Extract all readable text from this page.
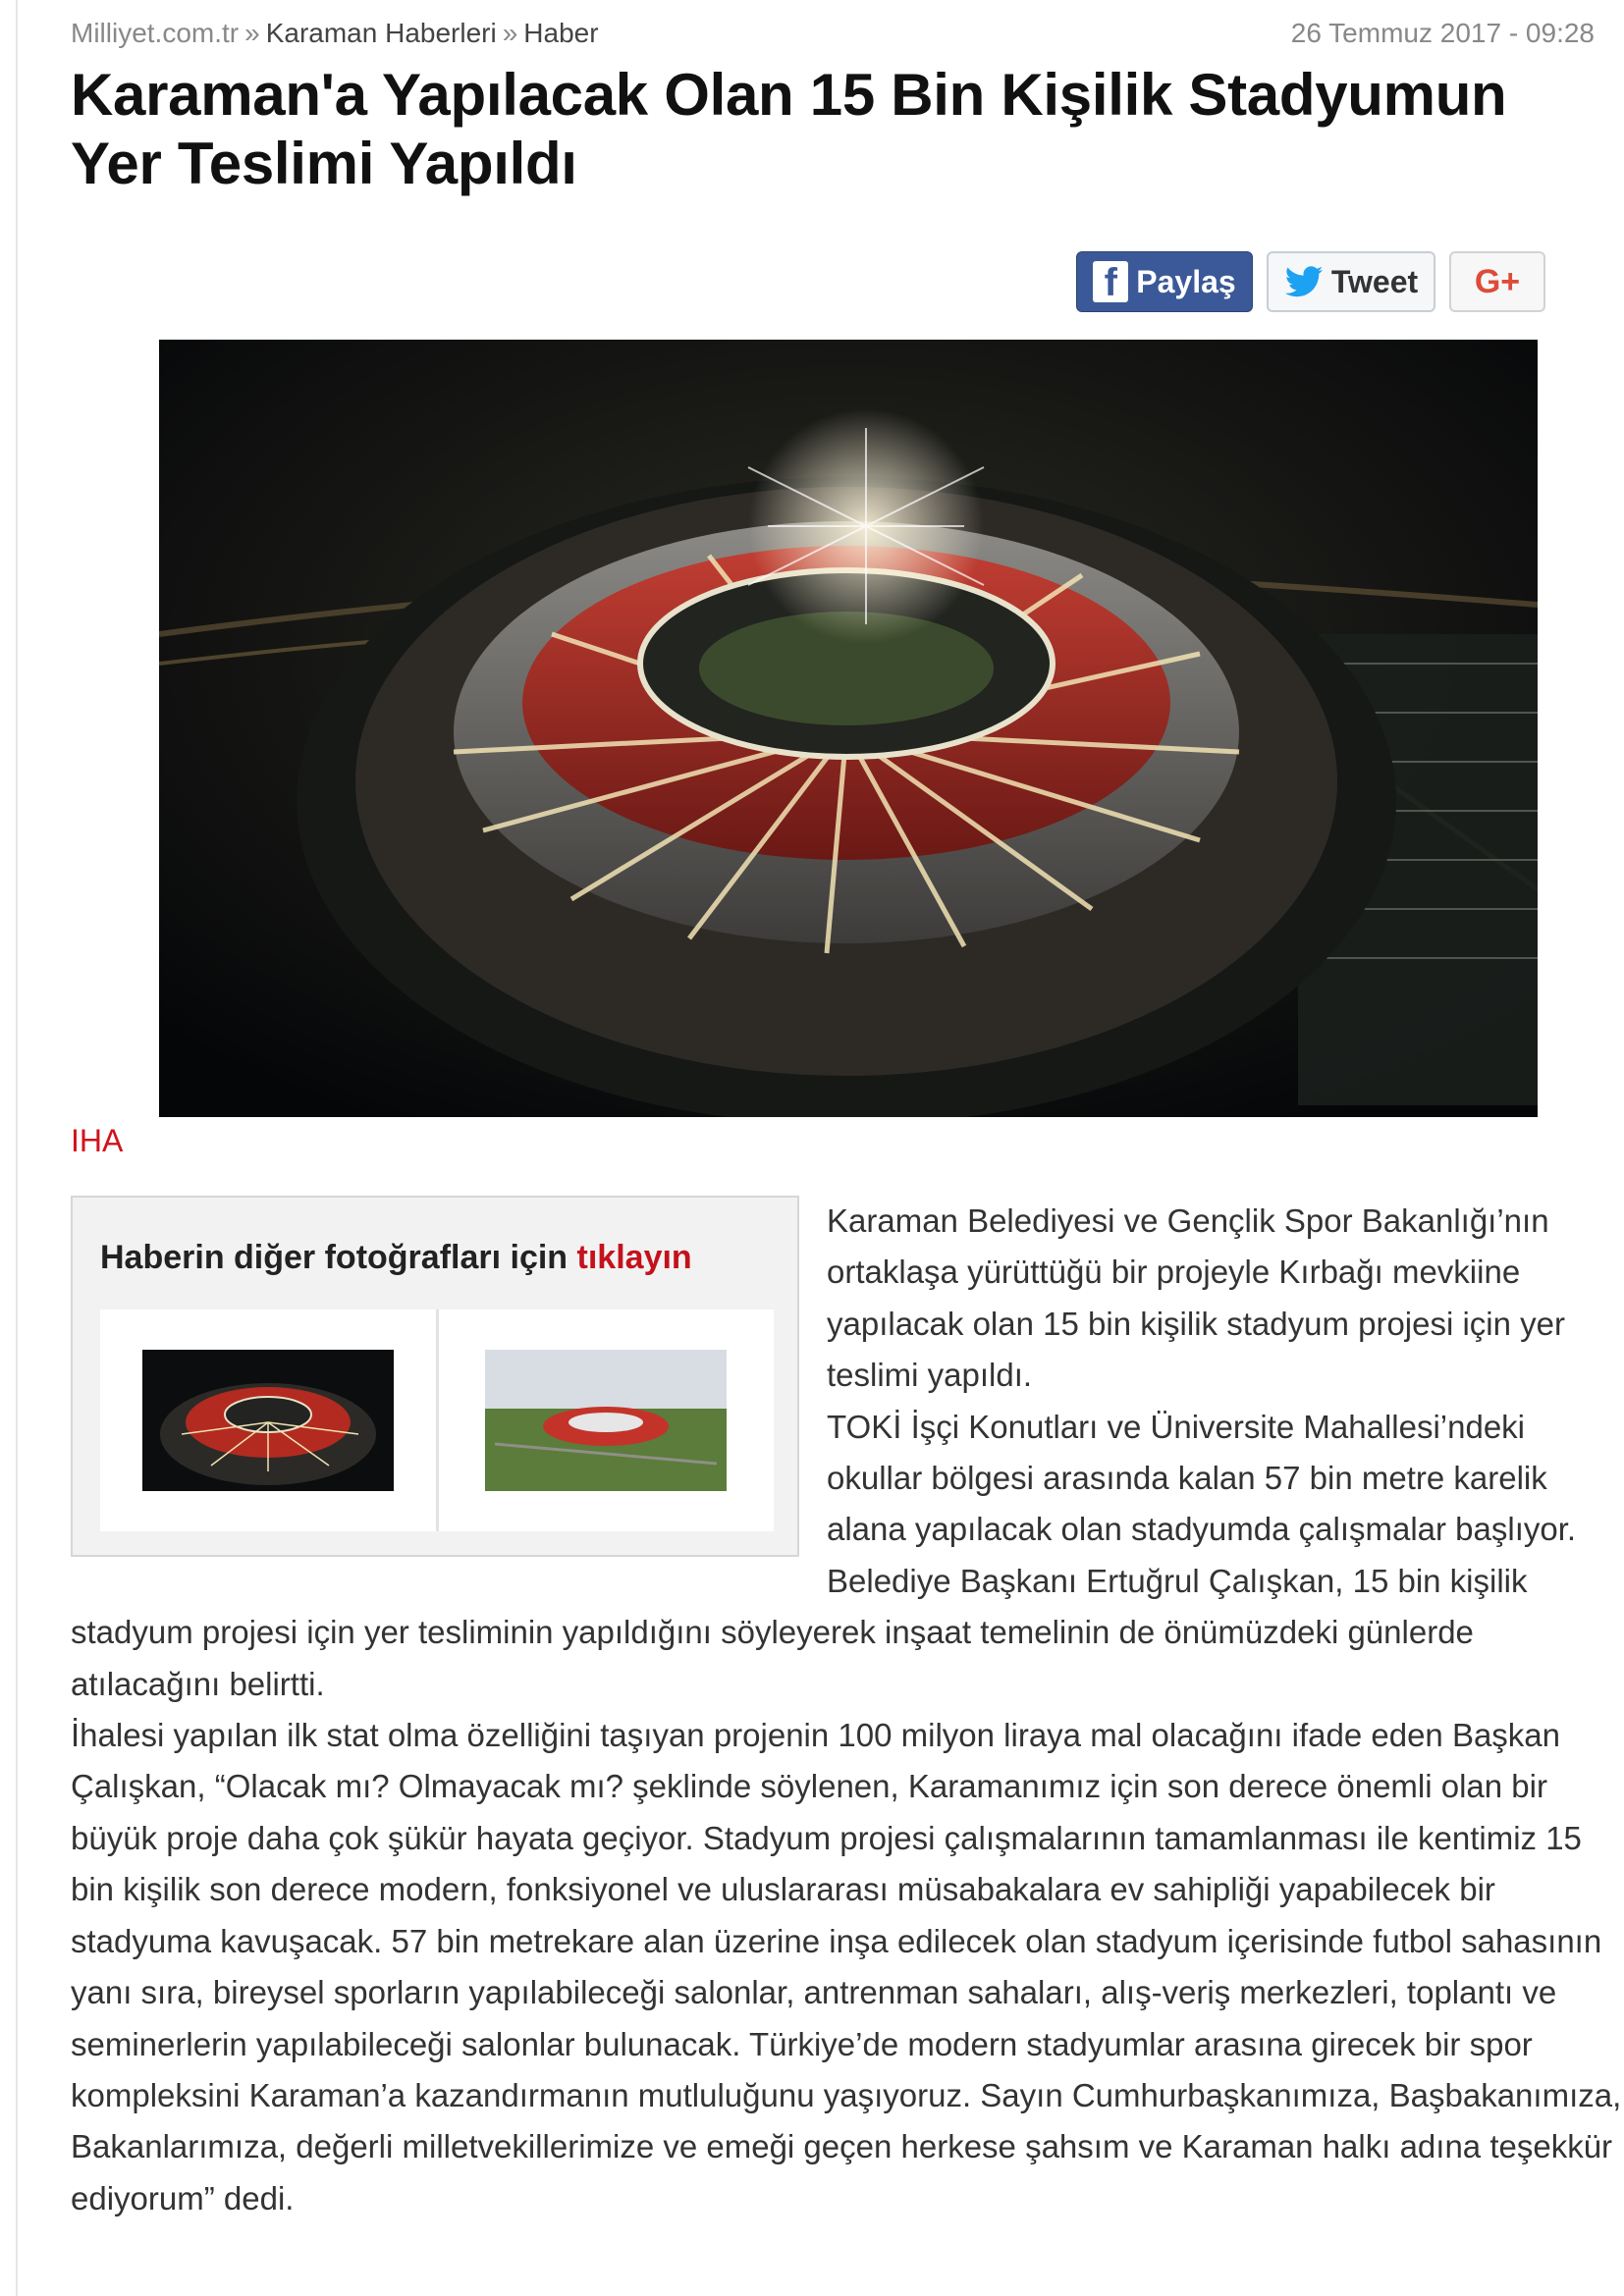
Milliyet.com.tr » Karaman Haberleri » Haber	26 Temmuz 2017 - 09:28
Karaman'a Yapılacak Olan 15 Bin Kişilik Stadyumun Yer Teslimi Yapıldı
f Paylaş	Tweet G+
IHA
Haberin diğer fotoğrafları için tıklayın

Karaman Belediyesi ve Gençlik Spor Bakanlığı’nın ortaklaşa yürüttüğü bir projeyle Kırbağı mevkiine yapılacak olan 15 bin kişilik stadyum projesi için yer teslimi yapıldı.

TOKİ İşçi Konutları ve Üniversite Mahallesi’ndeki okullar bölgesi arasında kalan 57 bin metre karelik alana yapılacak olan stadyumda çalışmalar başlıyor. Belediye Başkanı Ertuğrul Çalışkan, 15 bin kişilik stadyum projesi için yer tesliminin yapıldığını söyleyerek inşaat temelinin de önümüzdeki günlerde atılacağını belirtti.

İhalesi yapılan ilk stat olma özelliğini taşıyan projenin 100 milyon liraya mal olacağını ifade eden Başkan Çalışkan, “Olacak mı? Olmayacak mı? şeklinde söylenen, Karamanımız için son derece önemli olan bir büyük proje daha çok şükür hayata geçiyor. Stadyum projesi çalışmalarının tamamlanması ile kentimiz 15 bin kişilik son derece modern, fonksiyonel ve uluslararası müsabakalara ev sahipliği yapabilecek bir stadyuma kavuşacak. 57 bin metrekare alan üzerine inşa edilecek olan stadyum içerisinde futbol sahasının yanı sıra, bireysel sporların yapılabileceği salonlar, antrenman sahaları, alış-veriş merkezleri, toplantı ve seminerlerin yapılabileceği salonlar bulunacak. Türkiye’de modern stadyumlar arasına girecek bir spor kompleksini Karaman’a kazandırmanın mutluluğunu yaşıyoruz. Sayın Cumhurbaşkanımıza, Başbakanımıza, Bakanlarımıza, değerli milletvekillerimize ve emeği geçen herkese şahsım ve Karaman halkı adına teşekkür ediyorum” dedi.
